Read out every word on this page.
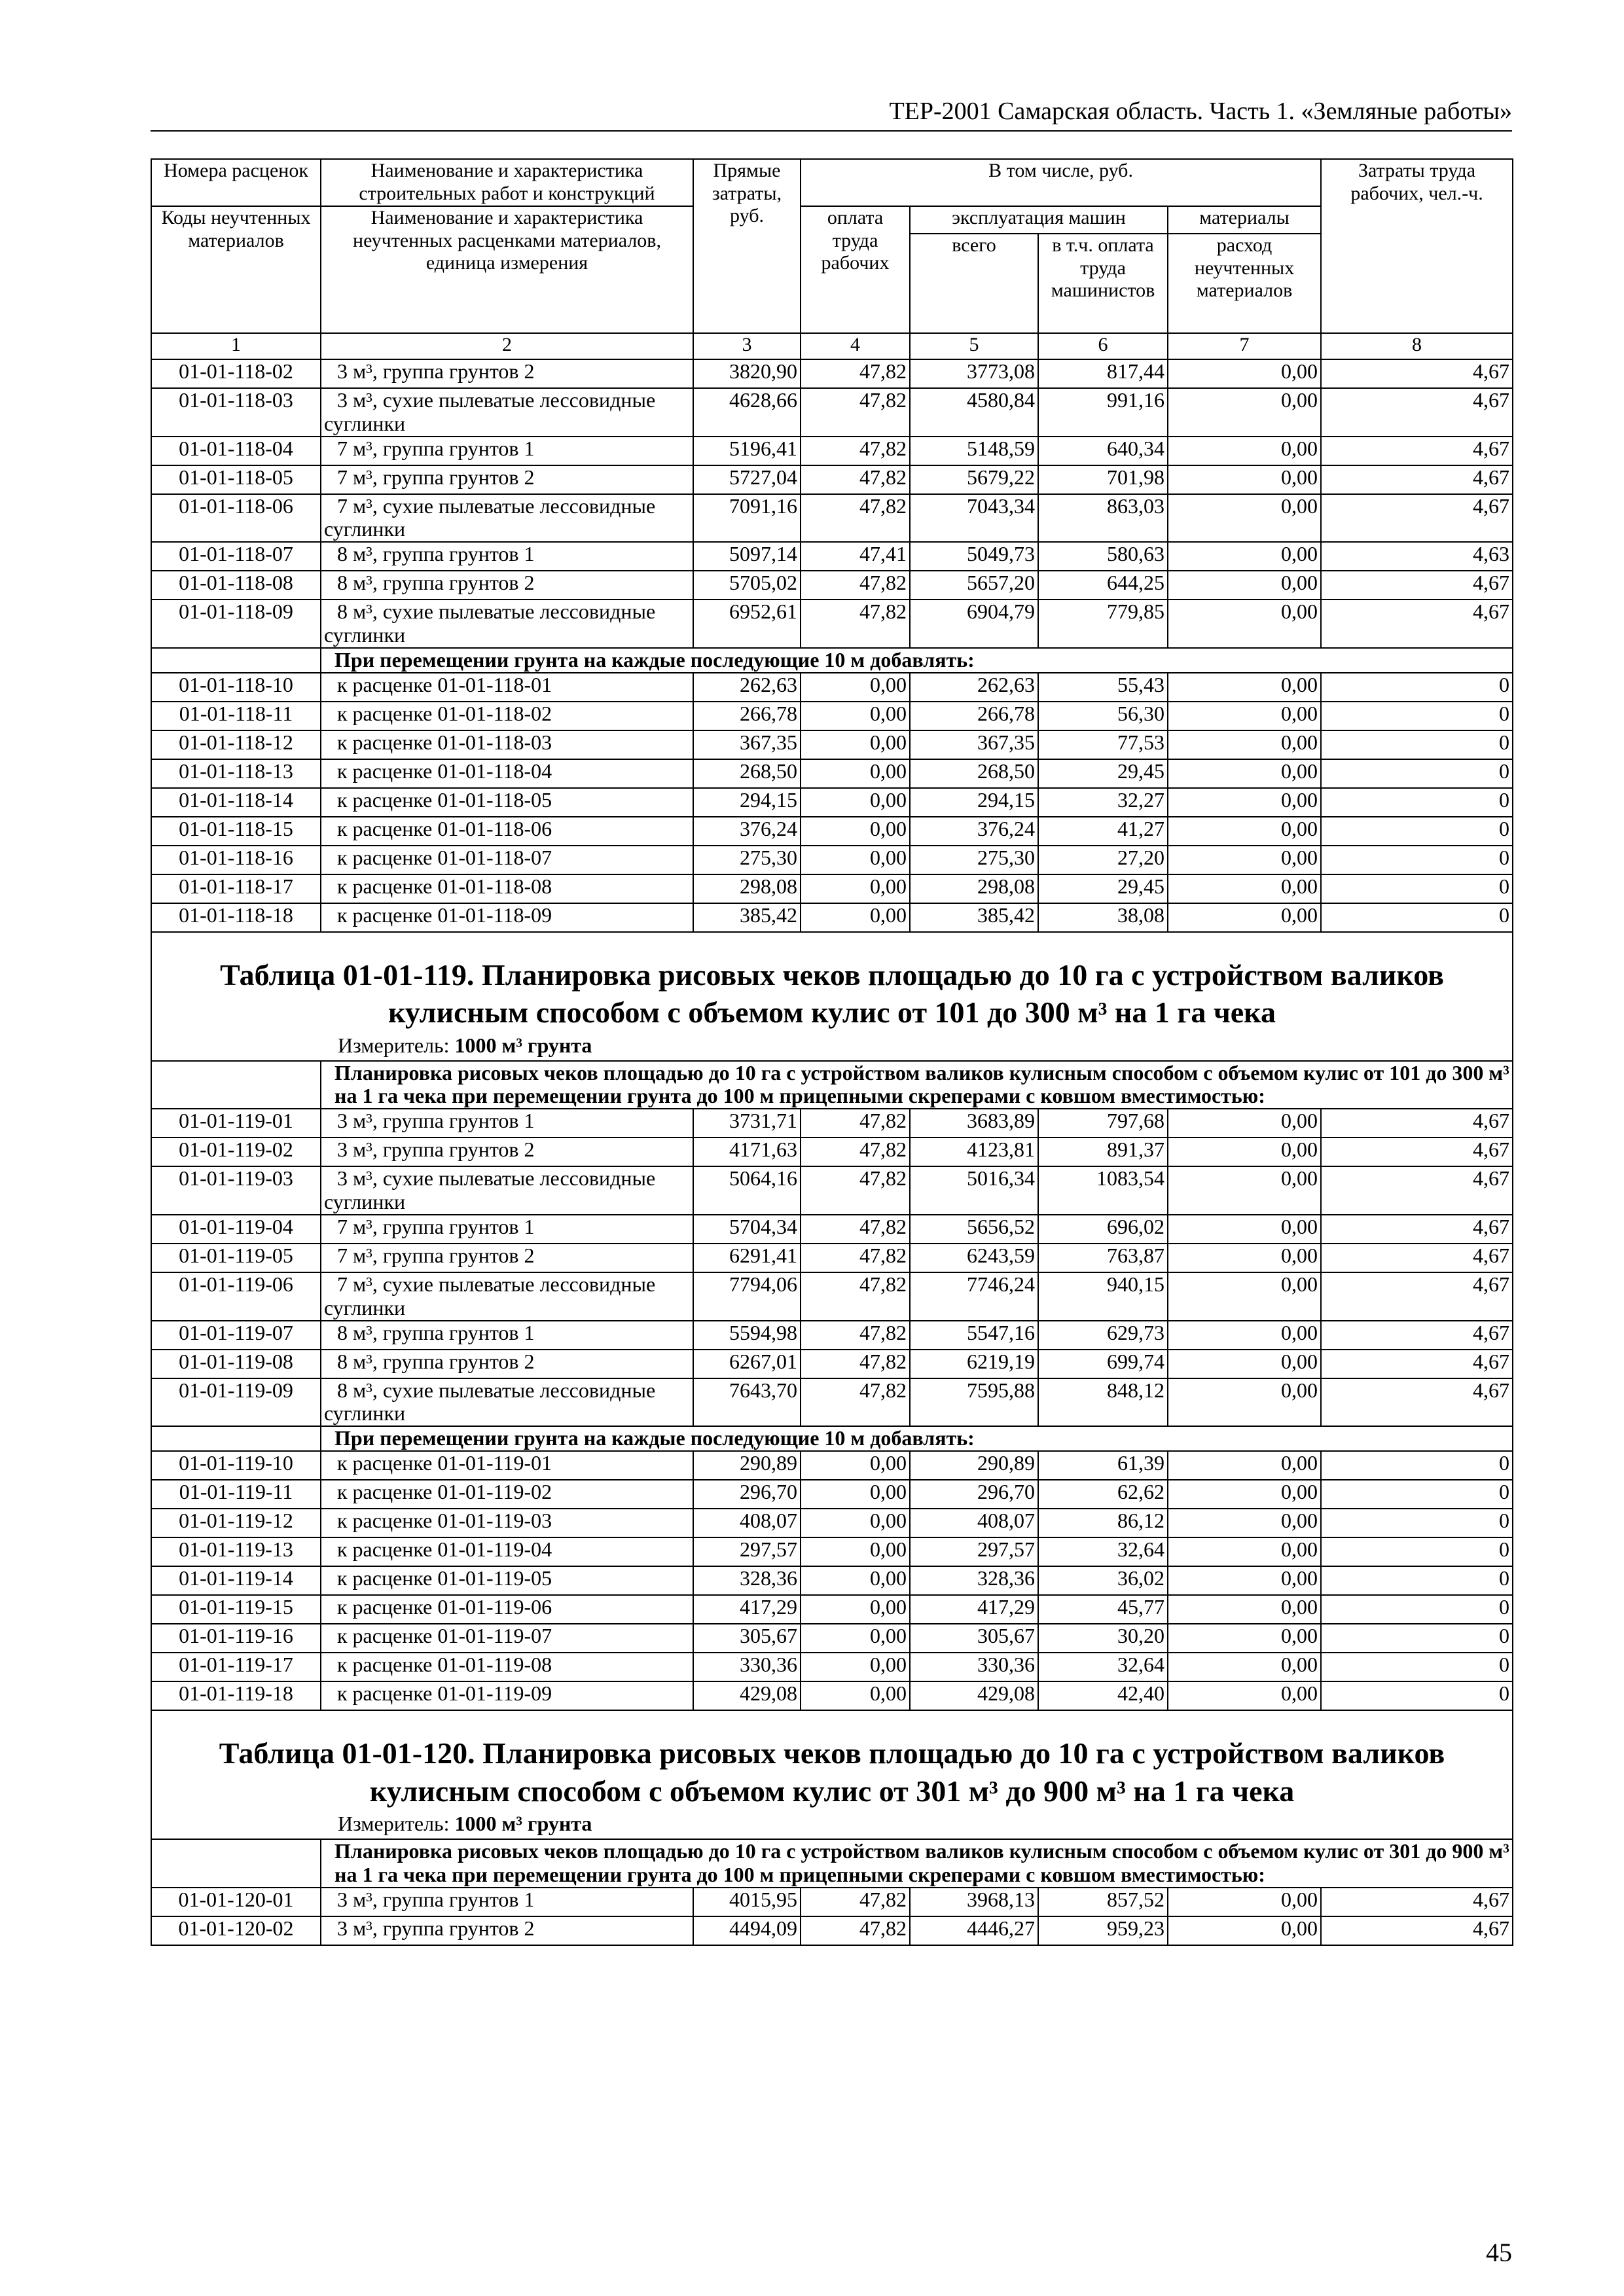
ТЕР-2001 Самарская область. Часть 1. «Земляные работы»
Номера расценок	Наименование и характеристика строительных работ и конструкций	Прямые затраты, руб.	В том числе, руб.				Затраты труда рабочих, чел.-ч.
Коды неучтенных материалов	Наименование и характеристика неучтенных расценками материалов, единица измерения		оплата труда рабочих	эксплуатация машин		материалы	
				всего	в т.ч. оплата труда машинистов	расход неучтенных материалов	
1	2	3	4	5	6	7	8
01-01-118-02	3 м³, группа грунтов 2	3820,90	47,82	3773,08	817,44	0,00	4,67
01-01-118-03	3 м³, сухие пылеватые лессовидные суглинки	4628,66	47,82	4580,84	991,16	0,00	4,67
01-01-118-04	7 м³, группа грунтов 1	5196,41	47,82	5148,59	640,34	0,00	4,67
01-01-118-05	7 м³, группа грунтов 2	5727,04	47,82	5679,22	701,98	0,00	4,67
01-01-118-06	7 м³, сухие пылеватые лессовидные суглинки	7091,16	47,82	7043,34	863,03	0,00	4,67
01-01-118-07	8 м³, группа грунтов 1	5097,14	47,41	5049,73	580,63	0,00	4,63
01-01-118-08	8 м³, группа грунтов 2	5705,02	47,82	5657,20	644,25	0,00	4,67
01-01-118-09	8 м³, сухие пылеватые лессовидные суглинки	6952,61	47,82	6904,79	779,85	0,00	4,67
	При перемещении грунта на каждые последующие 10 м добавлять:						
01-01-118-10	к расценке 01-01-118-01	262,63	0,00	262,63	55,43	0,00	0
01-01-118-11	к расценке 01-01-118-02	266,78	0,00	266,78	56,30	0,00	0
01-01-118-12	к расценке 01-01-118-03	367,35	0,00	367,35	77,53	0,00	0
01-01-118-13	к расценке 01-01-118-04	268,50	0,00	268,50	29,45	0,00	0
01-01-118-14	к расценке 01-01-118-05	294,15	0,00	294,15	32,27	0,00	0
01-01-118-15	к расценке 01-01-118-06	376,24	0,00	376,24	41,27	0,00	0
01-01-118-16	к расценке 01-01-118-07	275,30	0,00	275,30	27,20	0,00	0
01-01-118-17	к расценке 01-01-118-08	298,08	0,00	298,08	29,45	0,00	0
01-01-118-18	к расценке 01-01-118-09	385,42	0,00	385,42	38,08	0,00	0

Таблица 01-01-119. Планировка рисовых чеков площадью до 10 га с устройством валиков кулисным способом с объемом кулис от 101 до 300 м³ на 1 га чека
Измеритель: 1000 м³ грунта							

	Планировка рисовых чеков площадью до 10 га с устройством валиков кулисным способом с объемом кулис от 101 до 300 м³ на 1 га чека при перемещении грунта до 100 м прицепными скреперами с ковшом вместимостью:						
01-01-119-01	3 м³, группа грунтов 1	3731,71	47,82	3683,89	797,68	0,00	4,67
01-01-119-02	3 м³, группа грунтов 2	4171,63	47,82	4123,81	891,37	0,00	4,67
01-01-119-03	3 м³, сухие пылеватые лессовидные суглинки	5064,16	47,82	5016,34	1083,54	0,00	4,67
01-01-119-04	7 м³, группа грунтов 1	5704,34	47,82	5656,52	696,02	0,00	4,67
01-01-119-05	7 м³, группа грунтов 2	6291,41	47,82	6243,59	763,87	0,00	4,67
01-01-119-06	7 м³, сухие пылеватые лессовидные суглинки	7794,06	47,82	7746,24	940,15	0,00	4,67
01-01-119-07	8 м³, группа грунтов 1	5594,98	47,82	5547,16	629,73	0,00	4,67
01-01-119-08	8 м³, группа грунтов 2	6267,01	47,82	6219,19	699,74	0,00	4,67
01-01-119-09	8 м³, сухие пылеватые лессовидные суглинки	7643,70	47,82	7595,88	848,12	0,00	4,67
	При перемещении грунта на каждые последующие 10 м добавлять:						
01-01-119-10	к расценке 01-01-119-01	290,89	0,00	290,89	61,39	0,00	0
01-01-119-11	к расценке 01-01-119-02	296,70	0,00	296,70	62,62	0,00	0
01-01-119-12	к расценке 01-01-119-03	408,07	0,00	408,07	86,12	0,00	0
01-01-119-13	к расценке 01-01-119-04	297,57	0,00	297,57	32,64	0,00	0
01-01-119-14	к расценке 01-01-119-05	328,36	0,00	328,36	36,02	0,00	0
01-01-119-15	к расценке 01-01-119-06	417,29	0,00	417,29	45,77	0,00	0
01-01-119-16	к расценке 01-01-119-07	305,67	0,00	305,67	30,20	0,00	0
01-01-119-17	к расценке 01-01-119-08	330,36	0,00	330,36	32,64	0,00	0
01-01-119-18	к расценке 01-01-119-09	429,08	0,00	429,08	42,40	0,00	0

Таблица 01-01-120. Планировка рисовых чеков площадью до 10 га с устройством валиков кулисным способом с объемом кулис от 301 м³ до 900 м³ на 1 га чека
Измеритель: 1000 м³ грунта							

	Планировка рисовых чеков площадью до 10 га с устройством валиков кулисным способом с объемом кулис от 301 до 900 м³ на 1 га чека при перемещении грунта до 100 м прицепными скреперами с ковшом вместимостью:						
01-01-120-01	3 м³, группа грунтов 1	4015,95	47,82	3968,13	857,52	0,00	4,67
01-01-120-02	3 м³, группа грунтов 2	4494,09	47,82	4446,27	959,23	0,00	4,67
45
